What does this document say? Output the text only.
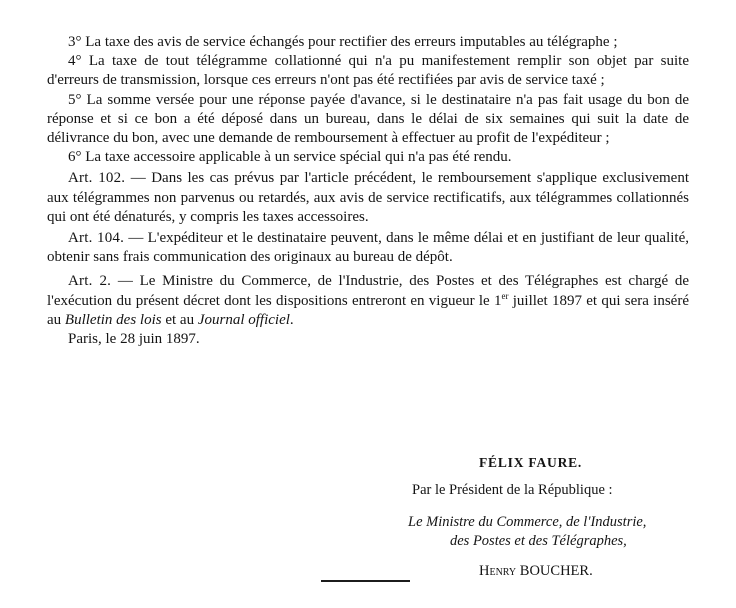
3° La taxe des avis de service échangés pour rectifier des erreurs imputables au télégraphe ;

4° La taxe de tout télégramme collationné qui n'a pu manifestement remplir son objet par suite d'erreurs de transmission, lorsque ces erreurs n'ont pas été rectifiées par avis de service taxé ;

5° La somme versée pour une réponse payée d'avance, si le destinataire n'a pas fait usage du bon de réponse et si ce bon a été déposé dans un bureau, dans le délai de six semaines qui suit la date de délivrance du bon, avec une demande de remboursement à effectuer au profit de l'expéditeur ;

6° La taxe accessoire applicable à un service spécial qui n'a pas été rendu.

Art. 102. — Dans les cas prévus par l'article précédent, le remboursement s'applique exclusivement aux télégrammes non parvenus ou retardés, aux avis de service rectificatifs, aux télégrammes collationnés qui ont été dénaturés, y compris les taxes accessoires.

Art. 104. — L'expéditeur et le destinataire peuvent, dans le même délai et en justifiant de leur qualité, obtenir sans frais communication des originaux au bureau de dépôt.

Art. 2. — Le Ministre du Commerce, de l'Industrie, des Postes et des Télégraphes est chargé de l'exécution du présent décret dont les dispositions entreront en vigueur le 1er juillet 1897 et qui sera inséré au Bulletin des lois et au Journal officiel.

Paris, le 28 juin 1897.

FÉLIX FAURE.
Par le Président de la République :
Le Ministre du Commerce, de l'Industrie,
des Postes et des Télégraphes,
Henry BOUCHER.
